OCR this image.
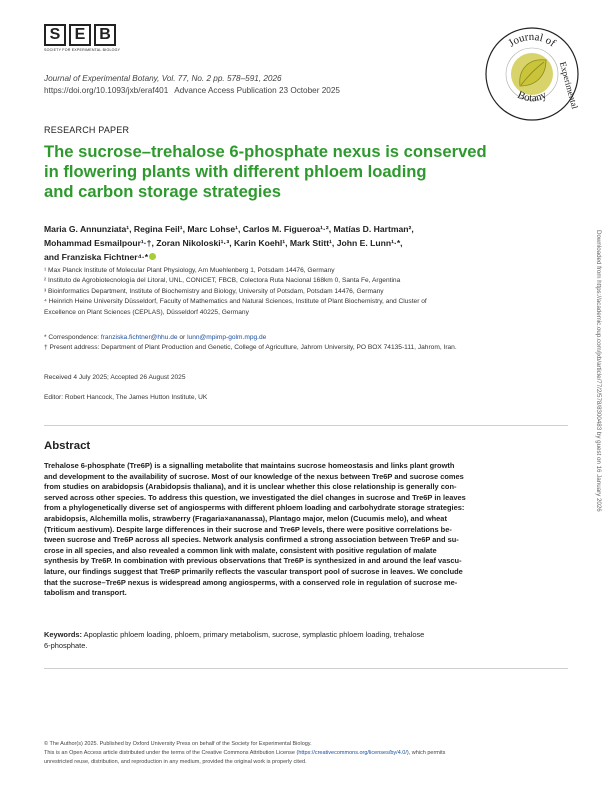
S E B
SOCIETY FOR EXPERIMENTAL BIOLOGY
Journal of
Experimental
Botany
Journal of Experimental Botany, Vol. 77, No. 2 pp. 578–591, 2026
https://doi.org/10.1093/jxb/eraf401 Advance Access Publication 23 October 2025
RESEARCH PAPER
The sucrose–trehalose 6-phosphate nexus is conserved
in flowering plants with different phloem loading
and carbon storage strategies
Maria G. Annunziata¹, Regina Feil¹, Marc Lohse¹, Carlos M. Figueroa¹·², Matías D. Hartman²,
Mohammad Esmailpour¹·†, Zoran Nikoloski¹·³, Karin Koehl¹, Mark Stitt¹, John E. Lunn¹·*,
and Franziska Fichtner⁴·*
¹ Max Planck Institute of Molecular Plant Physiology, Am Muehlenberg 1, Potsdam 14476, Germany
² Instituto de Agrobiotecnología del Litoral, UNL, CONICET, FBCB, Colectora Ruta Nacional 168km 0, Santa Fe, Argentina
³ Bioinformatics Department, Institute of Biochemistry and Biology, University of Potsdam, Potsdam 14476, Germany
⁴ Heinrich Heine University Düsseldorf, Faculty of Mathematics and Natural Sciences, Institute of Plant Biochemistry, and Cluster of
Excellence on Plant Sciences (CEPLAS), Düsseldorf 40225, Germany
* Correspondence: franziska.fichtner@hhu.de or lunn@mpimp-golm.mpg.de
† Present address: Department of Plant Production and Genetic, College of Agriculture, Jahrom University, PO BOX 74135-111, Jahrom, Iran.
Received 4 July 2025; Accepted 26 August 2025
Editor: Robert Hancock, The James Hutton Institute, UK
Abstract
Trehalose 6-phosphate (Tre6P) is a signalling metabolite that maintains sucrose homeostasis and links plant growth
and development to the availability of sucrose. Most of our knowledge of the nexus between Tre6P and sucrose comes
from studies on arabidopsis (Arabidopsis thaliana), and it is unclear whether this close relationship is generally con-
served across other species. To address this question, we investigated the diel changes in sucrose and Tre6P in leaves
from a phylogenetically diverse set of angiosperms with different phloem loading and carbohydrate storage strategies:
arabidopsis, Alchemilla molis, strawberry (Fragaria×ananassa), Plantago major, melon (Cucumis melo), and wheat
(Triticum aestivum). Despite large differences in their sucrose and Tre6P levels, there were positive correlations be-
tween sucrose and Tre6P across all species. Network analysis confirmed a strong association between Tre6P and su-
crose in all species, and also revealed a common link with malate, consistent with positive regulation of malate
synthesis by Tre6P. In combination with previous observations that Tre6P is synthesized in and around the leaf vascu-
lature, our findings suggest that Tre6P primarily reflects the vascular transport pool of sucrose in leaves. We conclude
that the sucrose–Tre6P nexus is widespread among angiosperms, with a conserved role in regulation of sucrose me-
tabolism and transport.
Keywords: Apoplastic phloem loading, phloem, primary metabolism, sucrose, symplastic phloem loading, trehalose
6-phosphate.
© The Author(s) 2025. Published by Oxford University Press on behalf of the Society for Experimental Biology.
This is an Open Access article distributed under the terms of the Creative Commons Attribution License (https://creativecommons.org/licenses/by/4.0/), which permits
unrestricted reuse, distribution, and reproduction in any medium, provided the original work is properly cited.
Downloaded from https://academic.oup.com/jxb/article/77/2/578/8300483 by guest on 16 January 2026
